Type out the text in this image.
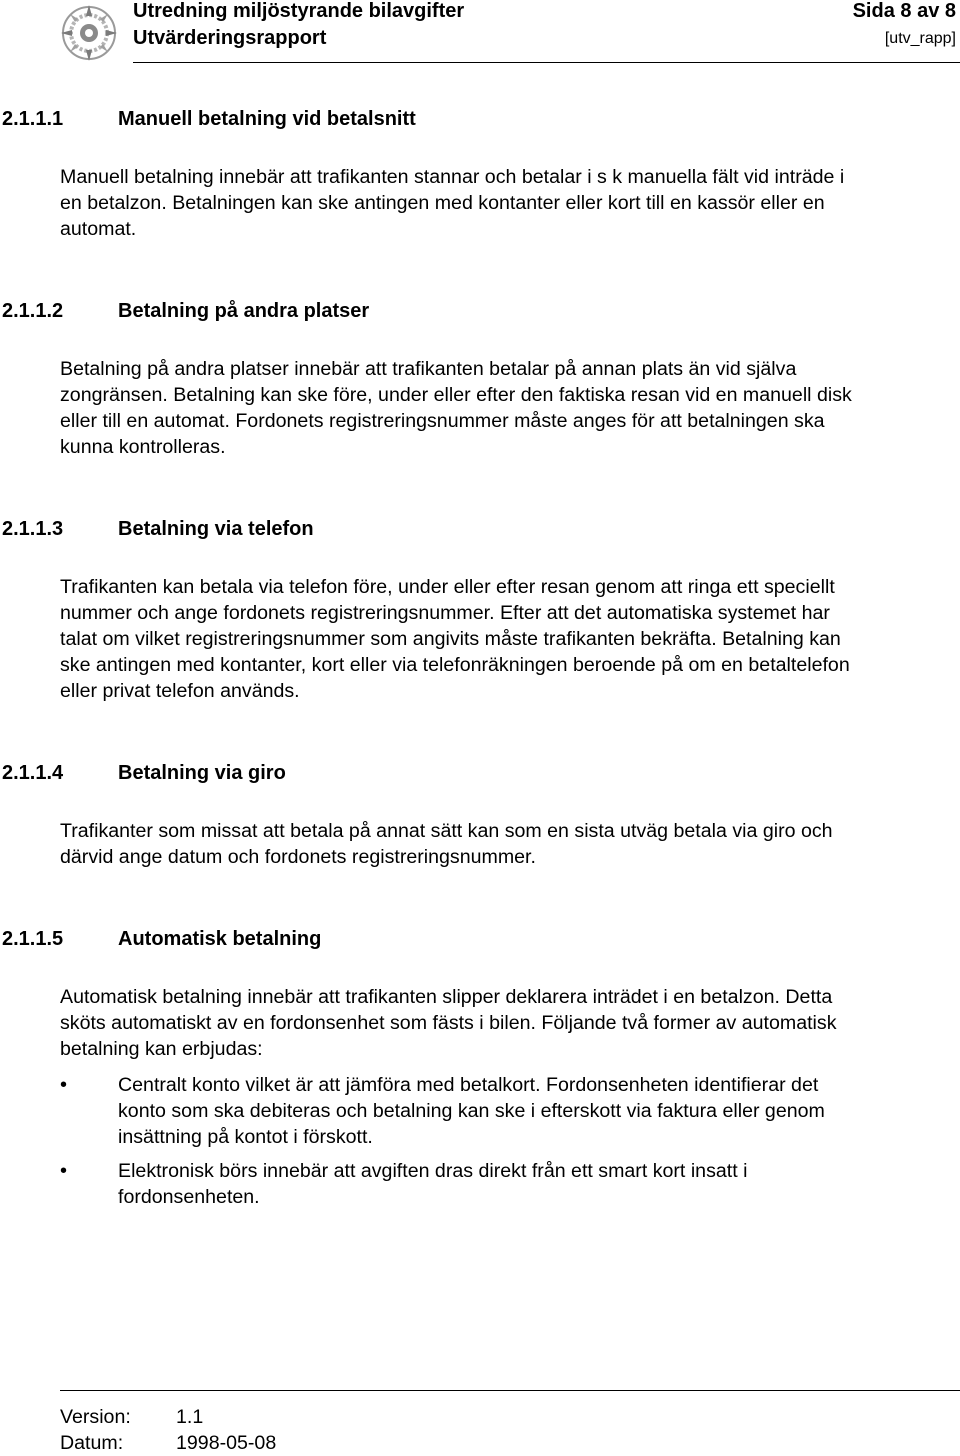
Utredning miljöstyrande bilavgifter
Utvärderingsrapport
Sida 8 av 8
[utv_rapp]
2.1.1.1	Manuell betalning vid betalsnitt

Manuell betalning innebär att trafikanten stannar och betalar i s k manuella fält vid inträde i
en betalzon. Betalningen kan ske antingen med kontanter eller kort till en kassör eller en
automat.

2.1.1.2	Betalning på andra platser

Betalning på andra platser innebär att trafikanten betalar på annan plats än vid själva
zongränsen. Betalning kan ske före, under eller efter den faktiska resan vid en manuell disk
eller till en automat. Fordonets registreringsnummer måste anges för att betalningen ska
kunna kontrolleras.

2.1.1.3	Betalning via telefon

Trafikanten kan betala via telefon före, under eller efter resan genom att ringa ett speciellt
nummer och ange fordonets registreringsnummer. Efter att det automatiska systemet har
talat om vilket registreringsnummer som angivits måste trafikanten bekräfta. Betalning kan
ske antingen med kontanter, kort eller via telefonräkningen beroende på om en betaltelefon
eller privat telefon används.

2.1.1.4	Betalning via giro

Trafikanter som missat att betala på annat sätt kan som en sista utväg betala via giro och
därvid ange datum och fordonets registreringsnummer.

2.1.1.5	Automatisk betalning

Automatisk betalning innebär att trafikanten slipper deklarera inträdet i en betalzon. Detta
sköts automatiskt av en fordonsenhet som fästs i bilen. Följande två former av automatisk
betalning kan erbjudas:

•	Centralt konto vilket är att jämföra med betalkort. Fordonsenheten identifierar det
konto som ska debiteras och betalning kan ske i efterskott via faktura eller genom
insättning på kontot i förskott.
•	Elektronisk börs innebär att avgiften dras direkt från ett smart kort insatt i
fordonsenheten.
Version: 1.1
Datum:	1998-05-08
